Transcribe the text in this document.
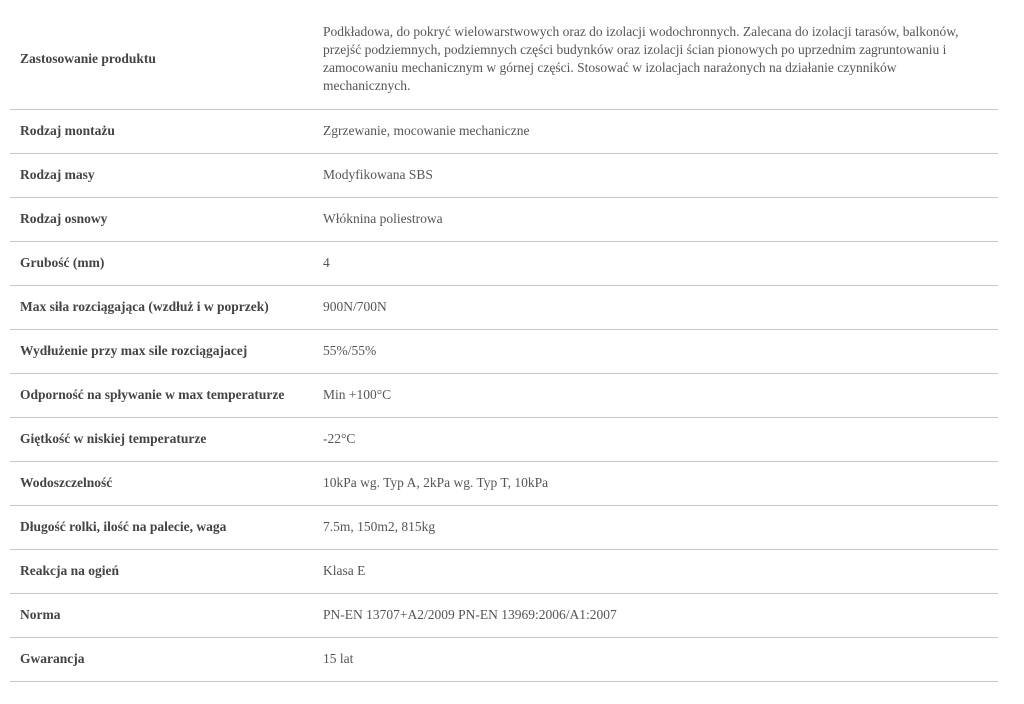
Zastosowanie produktu	Podkładowa, do pokryć wielowarstwowych oraz do izolacji wodochronnych. Zalecana do izolacji tarasów, balkonów, przejść podziemnych, podziemnych części budynków oraz izolacji ścian pionowych po uprzednim zagruntowaniu i zamocowaniu mechanicznym w górnej części. Stosować w izolacjach narażonych na działanie czynników mechanicznych.
Rodzaj montażu	Zgrzewanie, mocowanie mechaniczne
Rodzaj masy	Modyfikowana SBS
Rodzaj osnowy	Włóknina poliestrowa
Grubość (mm)	4
Max siła rozciągająca (wzdłuż i w poprzek)	900N/700N
Wydłużenie przy max sile rozciągajacej	55%/55%
Odporność na spływanie w max temperaturze	Min +100°C
Giętkość w niskiej temperaturze	-22°C
Wodoszczelność	10kPa wg. Typ A, 2kPa wg. Typ T, 10kPa
Długość rolki, ilość na palecie, waga	7.5m, 150m2, 815kg
Reakcja na ogień	Klasa E
Norma	PN-EN 13707+A2/2009 PN-EN 13969:2006/A1:2007
Gwarancja	15 lat
